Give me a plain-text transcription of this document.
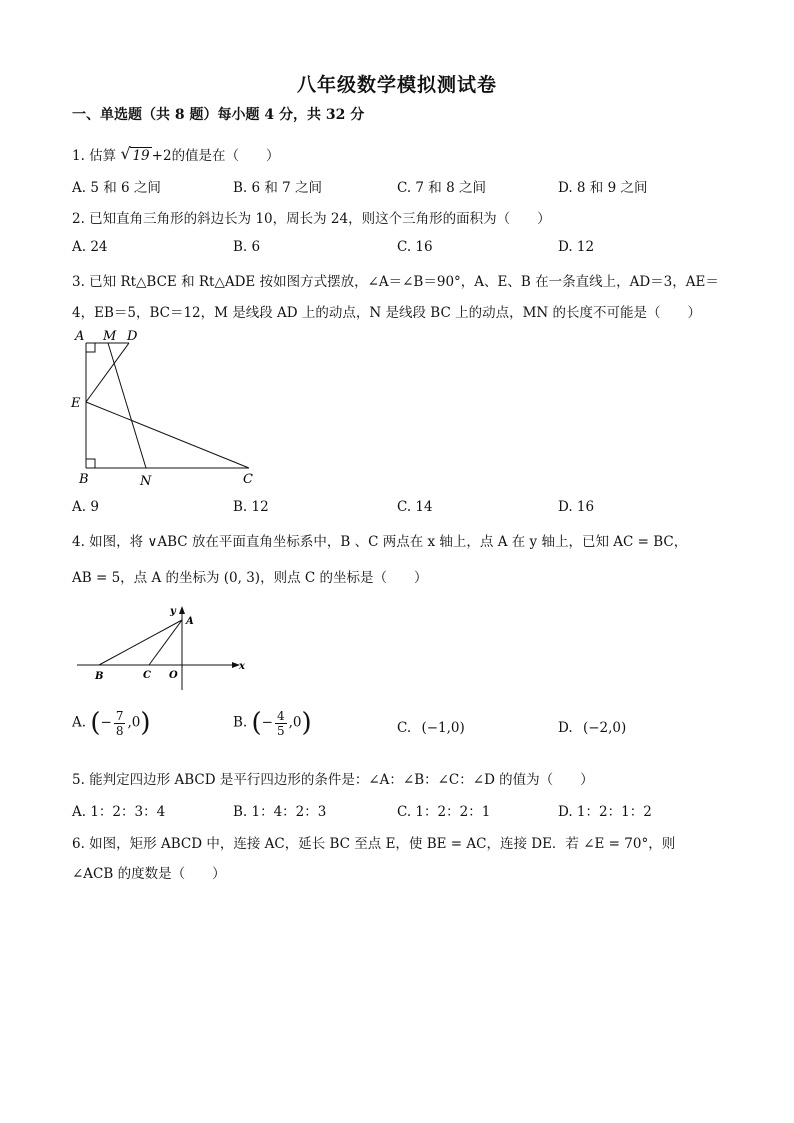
八年级数学模拟测试卷
一、单选题（共 8 题）每小题 4 分，共 32 分
1. 估算 √ 19 +2的值是在（　　）
A. 5 和 6 之间	B. 6 和 7 之间	C. 7 和 8 之间	D. 8 和 9 之间
2. 已知直角三角形的斜边长为 10，周长为 24，则这个三角形的面积为（　　）
A. 24	B. 6	C. 16	D. 12
3. 已知 Rt△BCE 和 Rt△ADE 按如图方式摆放，∠A＝∠B＝90°，A、E、B 在一条直线上，AD＝3，AE＝
4，EB＝5，BC＝12，M 是线段 AD 上的动点，N 是线段 BC 上的动点，MN 的长度不可能是（　　）
A M D
E
B	N	C
A. 9	B. 12	C. 14	D. 16
4. 如图，将 ∨ABC 放在平面直角坐标系中，B 、C 两点在 x 轴上，点 A 在 y 轴上，已知 AC = BC，
AB = 5，点 A 的坐标为 (0, 3)，则点 C 的坐标是（　　）
y
A
x
B	C O
A. (− $\frac{7}{8} ,0$)	B. (− $\frac{4}{5} ,0$)	C. (−1,0)	D. (−2,0)
5. 能判定四边形 ABCD 是平行四边形的条件是：∠A：∠B：∠C：∠D 的值为（　　）
A. 1：2：3：4	B. 1：4：2：3	C. 1：2：2：1	D. 1：2：1：2
6. 如图，矩形 ABCD 中，连接 AC，延长 BC 至点 E，使 BE = AC，连接 DE．若 ∠E = 70°，则
∠ACB 的度数是（　　）
